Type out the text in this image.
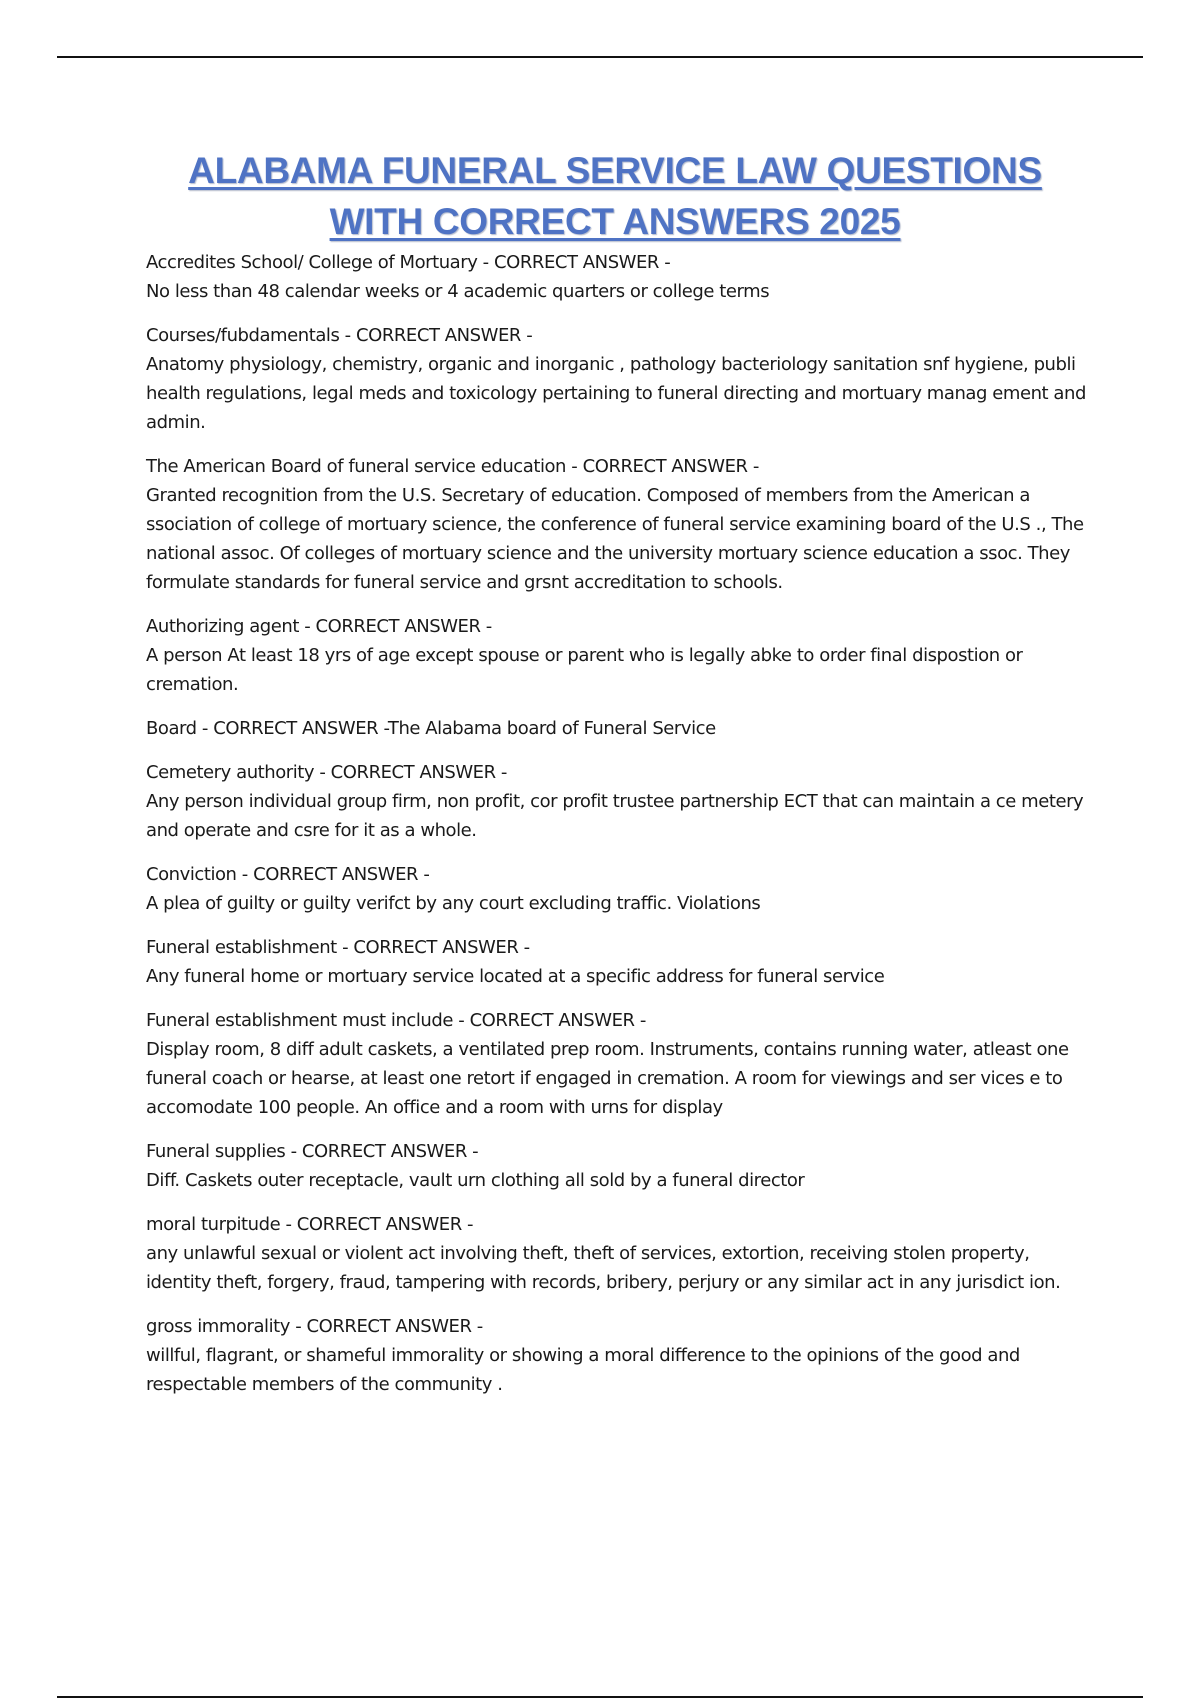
ALABAMA FUNERAL SERVICE LAW QUESTIONS
WITH CORRECT ANSWERS 2025
Accredites School/ College of Mortuary - CORRECT ANSWER -
No less than 48 calendar weeks or 4 academic quarters or college terms
Courses/fubdamentals - CORRECT ANSWER -
Anatomy physiology, chemistry, organic and inorganic , pathology bacteriology sanitation snf hygiene, publi health regulations, legal meds and toxicology pertaining to funeral directing and mortuary manag ement and admin.
The American Board of funeral service education - CORRECT ANSWER -
Granted recognition from the U.S. Secretary of education. Composed of members from the American a ssociation of college of mortuary science, the conference of funeral service examining board of the U.S ., The national assoc. Of colleges of mortuary science and the university mortuary science education a ssoc. They formulate standards for funeral service and grsnt accreditation to schools.
Authorizing agent - CORRECT ANSWER -
A person At least 18 yrs of age except spouse or parent who is legally abke to order final dispostion or cremation.
Board - CORRECT ANSWER -The Alabama board of Funeral Service
Cemetery authority - CORRECT ANSWER -
Any person individual group firm, non profit, cor profit trustee partnership ECT that can maintain a ce metery and operate and csre for it as a whole.
Conviction - CORRECT ANSWER -
A plea of guilty or guilty verifct by any court excluding traffic. Violations
Funeral establishment - CORRECT ANSWER -
Any funeral home or mortuary service located at a specific address for funeral service
Funeral establishment must include - CORRECT ANSWER -
Display room, 8 diff adult caskets, a ventilated prep room. Instruments, contains running water, atleast one funeral coach or hearse, at least one retort if engaged in cremation. A room for viewings and ser vices e to accomodate 100 people. An office and a room with urns for display
Funeral supplies - CORRECT ANSWER -
Diff. Caskets outer receptacle, vault urn clothing all sold by a funeral director
moral turpitude - CORRECT ANSWER -
any unlawful sexual or violent act involving theft, theft of services, extortion, receiving stolen property, identity theft, forgery, fraud, tampering with records, bribery, perjury or any similar act in any jurisdict ion.
gross immorality - CORRECT ANSWER -
willful, flagrant, or shameful immorality or showing a moral difference to the opinions of the good and respectable members of the community .
